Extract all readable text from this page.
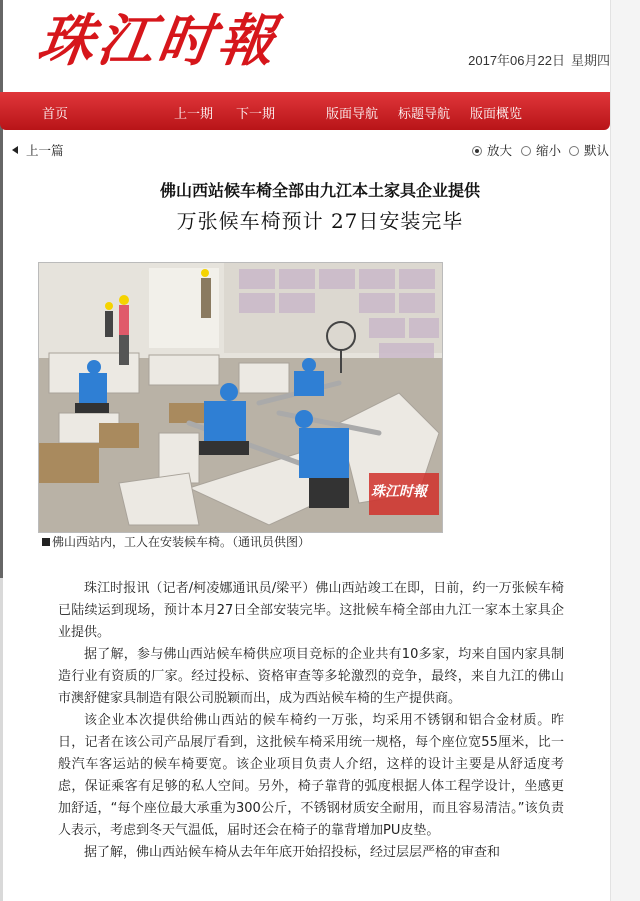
珠江时報	2017年06月22日 星期四
首页	上一期 下一期	版面导航 标题导航 版面概览
上一篇	放大	缩小	默认
佛山西站候车椅全部由九江本土家具企业提供
万张候车椅预计 27日安装完毕
珠江时報
佛山西站内，工人在安装候车椅。（通讯员供图）

珠江时报讯（记者/柯凌娜通讯员/梁平）佛山西站竣工在即，日前，约一万张候车椅已陆续运到现场，预计本月27日全部安装完毕。这批候车椅全部由九江一家本土家具企业提供。

据了解，参与佛山西站候车椅供应项目竞标的企业共有10多家，均来自国内家具制造行业有资质的厂家。经过投标、资格审查等多轮激烈的竞争，最终，来自九江的佛山市澳舒健家具制造有限公司脱颖而出，成为西站候车椅的生产提供商。

该企业本次提供给佛山西站的候车椅约一万张，均采用不锈钢和铝合金材质。昨日，记者在该公司产品展厅看到，这批候车椅采用统一规格，每个座位宽55厘米，比一般汽车客运站的候车椅要宽。该企业项目负责人介绍，这样的设计主要是从舒适度考虑，保证乘客有足够的私人空间。另外，椅子靠背的弧度根据人体工程学设计，坐感更加舒适，“每个座位最大承重为300公斤，不锈钢材质安全耐用，而且容易清洁。”该负责人表示，考虑到冬天气温低，届时还会在椅子的靠背增加PU皮垫。

据了解，佛山西站候车椅从去年年底开始招投标，经过层层严格的审查和
